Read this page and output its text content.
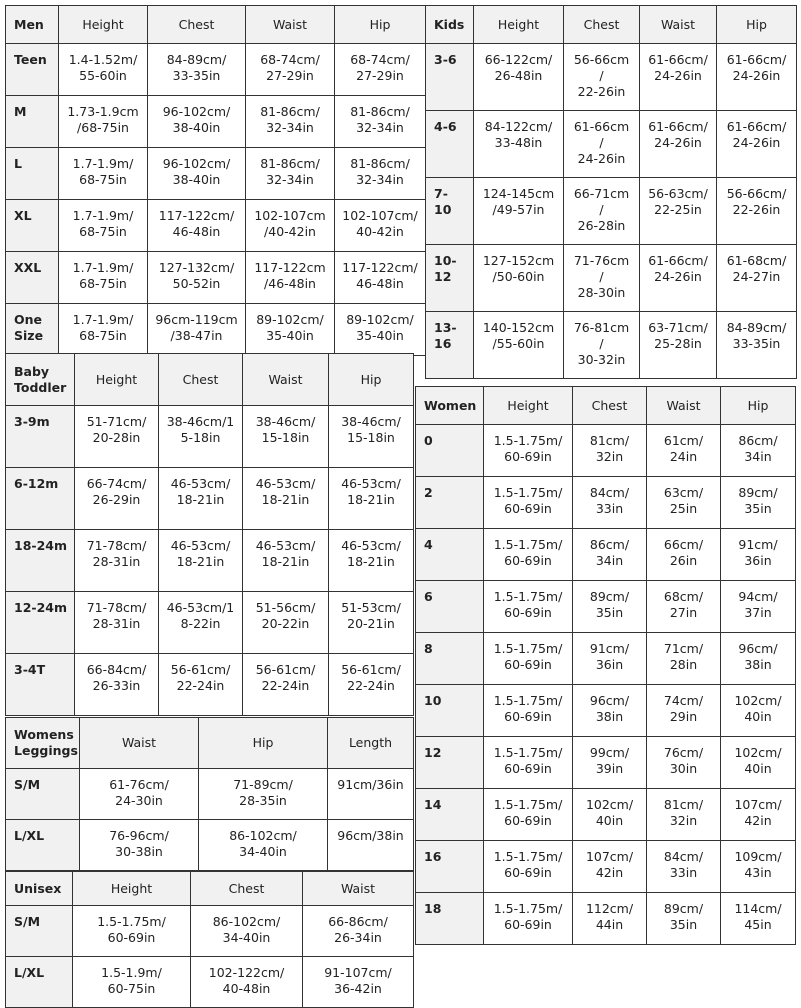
Men	Height	Chest	Waist	Hip

Teen	1.4-1.52m/
55-60in	84-89cm/
33-35in	68-74cm/
27-29in	68-74cm/
27-29in

M	1.73-1.9cm
/68-75in	96-102cm/
38-40in	81-86cm/
32-34in	81-86cm/
32-34in

L	1.7-1.9m/
68-75in	96-102cm/
38-40in	81-86cm/
32-34in	81-86cm/
32-34in

XL	1.7-1.9m/
68-75in	117-122cm/
46-48in	102-107cm
/40-42in	102-107cm/
40-42in

XXL	1.7-1.9m/
68-75in	127-132cm/
50-52in	117-122cm
/46-48in	117-122cm/
46-48in

One
Size	1.7-1.9m/
68-75in	96cm-119cm
/38-47in	89-102cm/
35-40in	89-102cm/
35-40in
Kids	Height	Chest	Waist	Hip

3-6	66-122cm/
26-48in	56-66cm
/
22-26in	61-66cm/
24-26in	61-66cm/
24-26in

4-6	84-122cm/
33-48in	61-66cm
/
24-26in	61-66cm/
24-26in	61-66cm/
24-26in

7-
10	124-145cm
/49-57in	66-71cm
/
26-28in	56-63cm/
22-25in	56-66cm/
22-26in

10-
12	127-152cm
/50-60in	71-76cm
/
28-30in	61-66cm/
24-26in	61-68cm/
24-27in

13-
16	140-152cm
/55-60in	76-81cm
/
30-32in	63-71cm/
25-28in	84-89cm/
33-35in
Baby
Toddler	Height	Chest	Waist	Hip

3-9m	51-71cm/
20-28in	38-46cm/1
5-18in	38-46cm/
15-18in	38-46cm/
15-18in

6-12m	66-74cm/
26-29in	46-53cm/
18-21in	46-53cm/
18-21in	46-53cm/
18-21in

18-24m	71-78cm/
28-31in	46-53cm/
18-21in	46-53cm/
18-21in	46-53cm/
18-21in

12-24m	71-78cm/
28-31in	46-53cm/1
8-22in	51-56cm/
20-22in	51-53cm/
20-21in

3-4T	66-84cm/
26-33in	56-61cm/
22-24in	56-61cm/
22-24in	56-61cm/
22-24in
Womens
Leggings	Waist	Hip	Length

S/M	61-76cm/
24-30in	71-89cm/
28-35in	91cm/36in

L/XL	76-96cm/
30-38in	86-102cm/
34-40in	96cm/38in
Unisex	Height	Chest	Waist

S/M	1.5-1.75m/
60-69in	86-102cm/
34-40in	66-86cm/
26-34in

L/XL	1.5-1.9m/
60-75in	102-122cm/
40-48in	91-107cm/
36-42in
Women	Height	Chest	Waist	Hip

0	1.5-1.75m/
60-69in	81cm/
32in	61cm/
24in	86cm/
34in

2	1.5-1.75m/
60-69in	84cm/
33in	63cm/
25in	89cm/
35in

4	1.5-1.75m/
60-69in	86cm/
34in	66cm/
26in	91cm/
36in

6	1.5-1.75m/
60-69in	89cm/
35in	68cm/
27in	94cm/
37in

8	1.5-1.75m/
60-69in	91cm/
36in	71cm/
28in	96cm/
38in

10	1.5-1.75m/
60-69in	96cm/
38in	74cm/
29in	102cm/
40in

12	1.5-1.75m/
60-69in	99cm/
39in	76cm/
30in	102cm/
40in

14	1.5-1.75m/
60-69in	102cm/
40in	81cm/
32in	107cm/
42in

16	1.5-1.75m/
60-69in	107cm/
42in	84cm/
33in	109cm/
43in

18	1.5-1.75m/
60-69in	112cm/
44in	89cm/
35in	114cm/
45in
